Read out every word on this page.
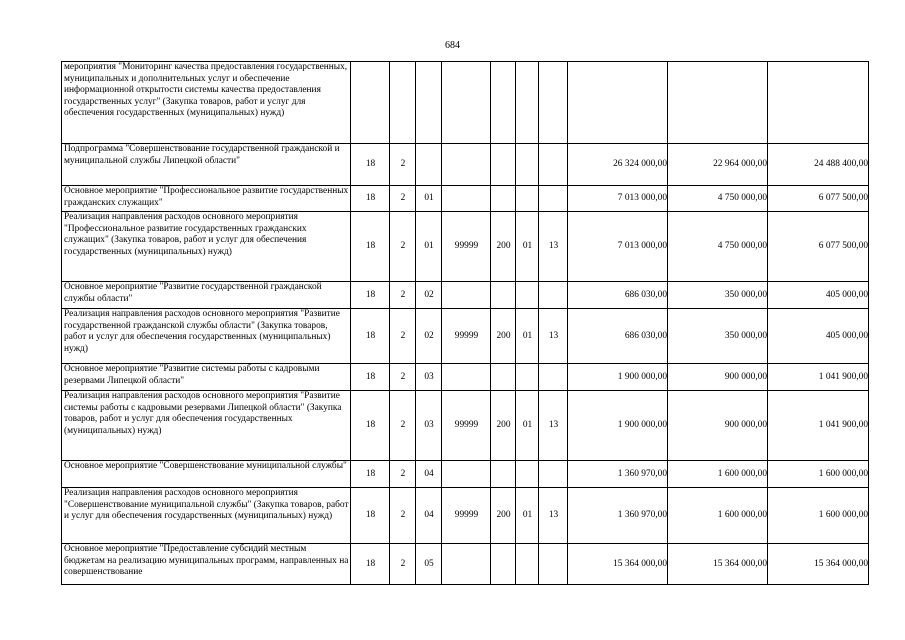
684
мероприятия "Мониторинг качества предоставления государственных, муниципальных и дополнительных услуг и обеспечение информационной открытости системы качества предоставления государственных услуг" (Закупка товаров, работ и услуг для обеспечения государственных (муниципальных) нужд)										
Подпрограмма "Совершенствование государственной гражданской и муниципальной службы Липецкой области"	18	2						26 324 000,00	22 964 000,00	24 488 400,00
Основное мероприятие "Профессиональное развитие государственных гражданских служащих"	18	2	01					7 013 000,00	4 750 000,00	6 077 500,00
Реализация направления расходов основного мероприятия "Профессиональное развитие государственных гражданских служащих" (Закупка товаров, работ и услуг для обеспечения государственных (муниципальных) нужд)	18	2	01	99999	200	01	13	7 013 000,00	4 750 000,00	6 077 500,00
Основное мероприятие "Развитие государственной гражданской службы области"	18	2	02					686 030,00	350 000,00	405 000,00
Реализация направления расходов основного мероприятия "Развитие государственной гражданской службы области" (Закупка товаров, работ и услуг для обеспечения государственных (муниципальных) нужд)	18	2	02	99999	200	01	13	686 030,00	350 000,00	405 000,00
Основное мероприятие "Развитие системы работы с кадровыми резервами Липецкой области"	18	2	03					1 900 000,00	900 000,00	1 041 900,00
Реализация направления расходов основного мероприятия "Развитие системы работы с кадровыми резервами Липецкой области" (Закупка товаров, работ и услуг для обеспечения государственных (муниципальных) нужд)	18	2	03	99999	200	01	13	1 900 000,00	900 000,00	1 041 900,00
Основное мероприятие "Совершенствование муниципальной службы"	18	2	04					1 360 970,00	1 600 000,00	1 600 000,00
Реализация направления расходов основного мероприятия "Совершенствование муниципальной службы" (Закупка товаров, работ и услуг для обеспечения государственных (муниципальных) нужд)	18	2	04	99999	200	01	13	1 360 970,00	1 600 000,00	1 600 000,00
Основное мероприятие "Предоставление субсидий местным бюджетам на реализацию муниципальных программ, направленных на совершенствование	18	2	05					15 364 000,00	15 364 000,00	15 364 000,00
